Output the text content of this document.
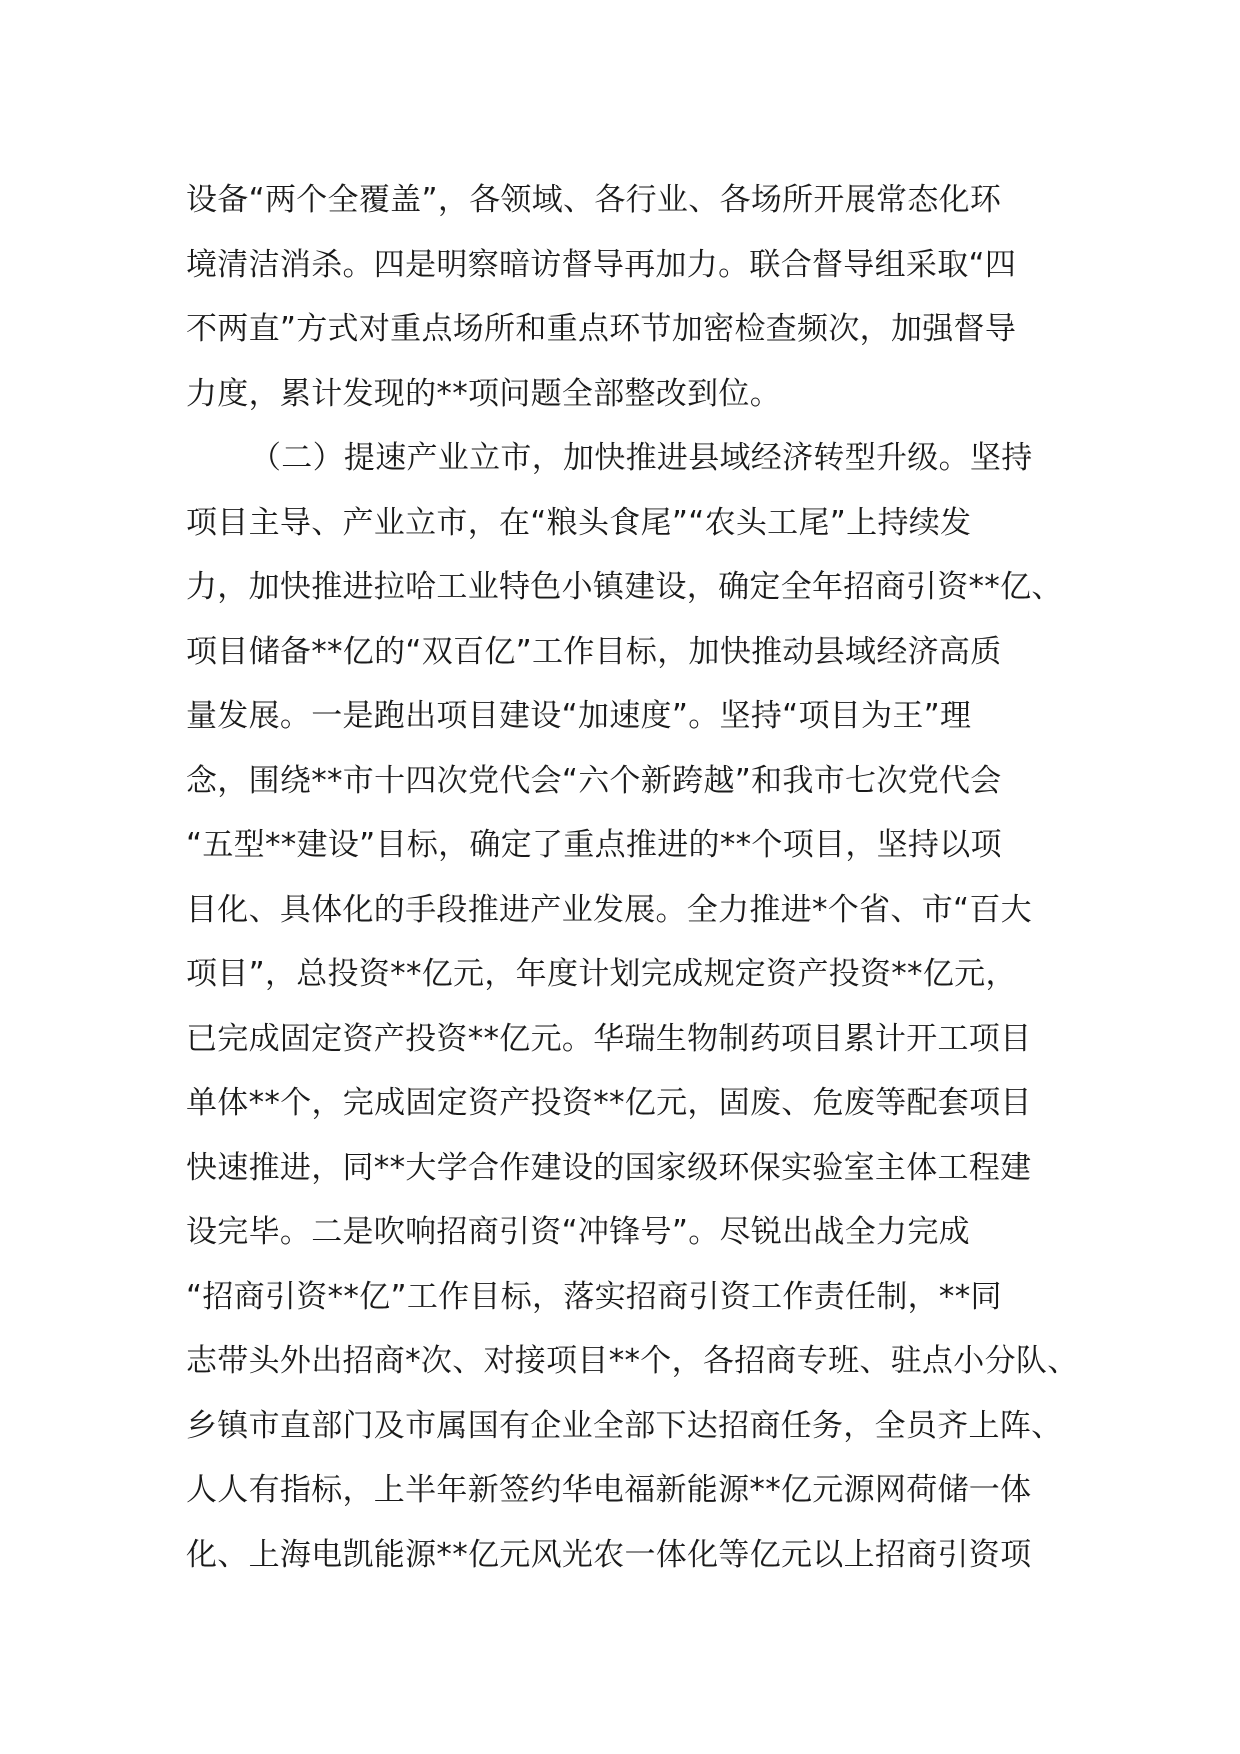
设备“两个全覆盖”，各领域、各行业、各场所开展常态化环
境清洁消杀。四是明察暗访督导再加力。联合督导组采取“四
不两直”方式对重点场所和重点环节加密检查频次，加强督导
力度，累计发现的**项问题全部整改到位。
（二）提速产业立市，加快推进县域经济转型升级。坚持
项目主导、产业立市，在“粮头食尾”“农头工尾”上持续发
力，加快推进拉哈工业特色小镇建设，确定全年招商引资**亿、
项目储备**亿的“双百亿”工作目标，加快推动县域经济高质
量发展。一是跑出项目建设“加速度”。坚持“项目为王”理
念，围绕**市十四次党代会“六个新跨越”和我市七次党代会
“五型**建设”目标，确定了重点推进的**个项目，坚持以项
目化、具体化的手段推进产业发展。全力推进*个省、市“百大
项目”，总投资**亿元，年度计划完成规定资产投资**亿元，
已完成固定资产投资**亿元。华瑞生物制药项目累计开工项目
单体**个，完成固定资产投资**亿元，固废、危废等配套项目
快速推进，同**大学合作建设的国家级环保实验室主体工程建
设完毕。二是吹响招商引资“冲锋号”。尽锐出战全力完成
“招商引资**亿”工作目标，落实招商引资工作责任制，**同
志带头外出招商*次、对接项目**个，各招商专班、驻点小分队、
乡镇市直部门及市属国有企业全部下达招商任务，全员齐上阵、
人人有指标，上半年新签约华电福新能源**亿元源网荷储一体
化、上海电凯能源**亿元风光农一体化等亿元以上招商引资项
